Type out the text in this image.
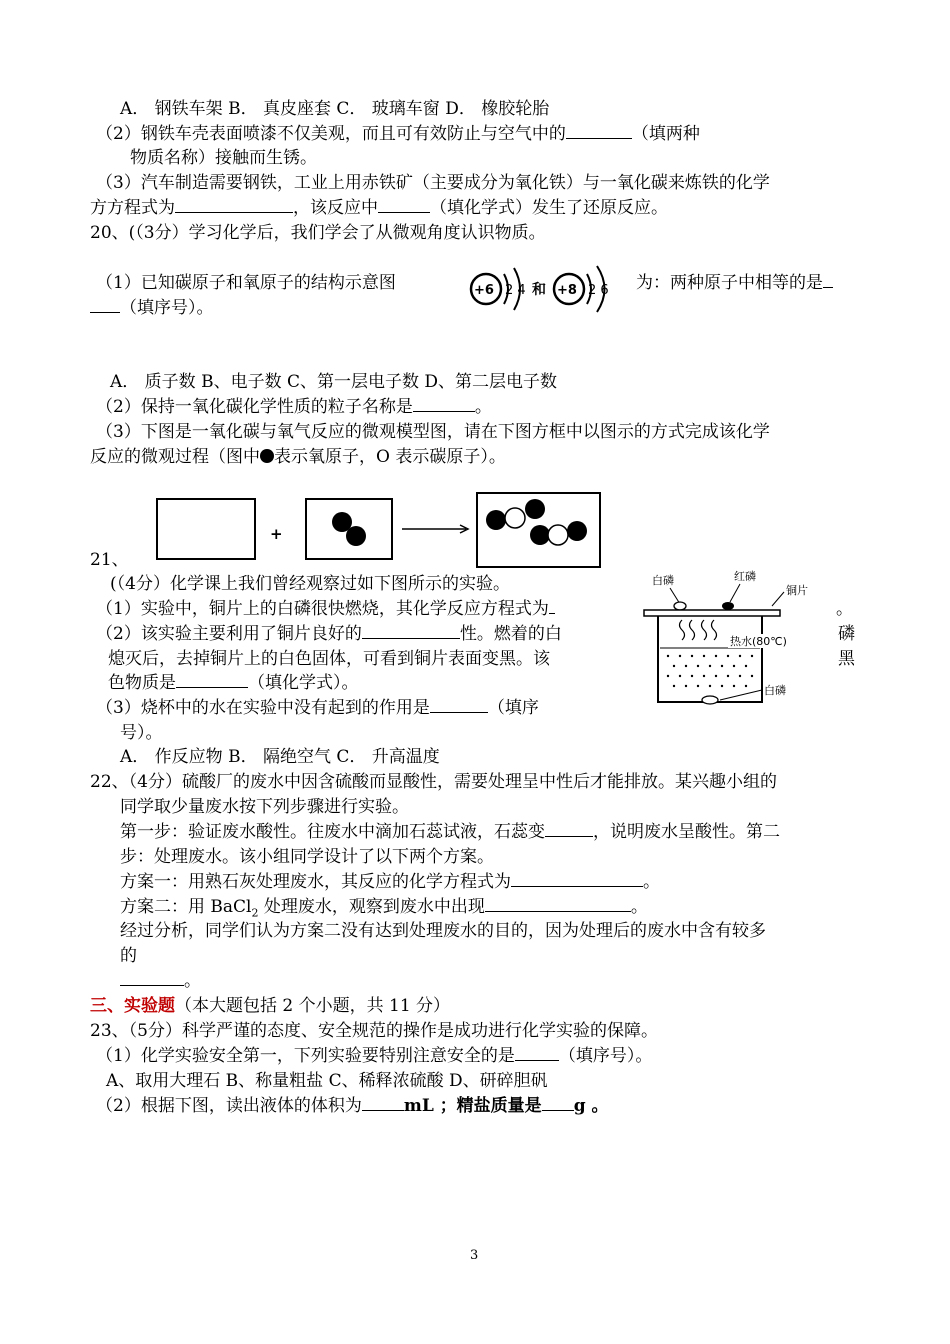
A． 钢铁车架 B． 真皮座套 C． 玻璃车窗 D． 橡胶轮胎
（2）钢铁车壳表面喷漆不仅美观，而且可有效防止与空气中的	（填两种
物质名称）接触而生锈。
（3）汽车制造需要钢铁，工业上用赤铁矿（主要成分为氧化铁）与一氧化碳来炼铁的化学
方方程式为	，该反应中	（填化学式）发生了还原反应。
20、(（3分）学习化学后，我们学会了从微观角度认识物质。
（1）已知碳原子和氧原子的结构示意图	+6 2 4 和 +8 2 6 为：两种原子中相等的是
（填序号）。
A． 质子数 B、电子数 C、第一层电子数 D、第二层电子数
（2）保持一氧化碳化学性质的粒子名称是	。
（3）下图是一氧化碳与氧气反应的微观模型图，请在下图方框中以图示的方式完成该化学
反应的微观过程（图中 表示氧原子，O 表示碳原子）。
+
21、
(（4分）化学课上我们曾经观察过如下图所示的实验。
（1）实验中，铜片上的白磷很快燃烧，其化学反应方程式为	。
（2）该实验主要利用了铜片良好的	性。燃着的白	磷
熄灭后，去掉铜片上的白色固体，可看到铜片表面变黑。该	黑
色物质是	（填化学式）。
（3）烧杯中的水在实验中没有起到的作用是	（填序
号）。
A． 作反应物 B． 隔绝空气 C． 升高温度
白磷	红磷
铜片
热水(80℃)
白磷
22、（4分）硫酸厂的废水中因含硫酸而显酸性，需要处理呈中性后才能排放。某兴趣小组的
同学取少量废水按下列步骤进行实验。
第一步：验证废水酸性。往废水中滴加石蕊试液，石蕊变	，说明废水呈酸性。第二
步：处理废水。该小组同学设计了以下两个方案。
方案一：用熟石灰处理废水，其反应的化学方程式为	。
方案二：用 BaCl$_2$ 处理废水，观察到废水中出现	。
经过分析，同学们认为方案二没有达到处理废水的目的，因为处理后的废水中含有较多
的
。
三、实验题（本大题包括 2 个小题，共 11 分）
23、（5分）科学严谨的态度、安全规范的操作是成功进行化学实验的保障。
（1）化学实验安全第一，下列实验要特别注意安全的是	（填序号）。
A、取用大理石 B、称量粗盐 C、稀释浓硫酸 D、研碎胆矾
（2）根据下图，读出液体的体积为 mL ；精盐质量是 g 。
3
